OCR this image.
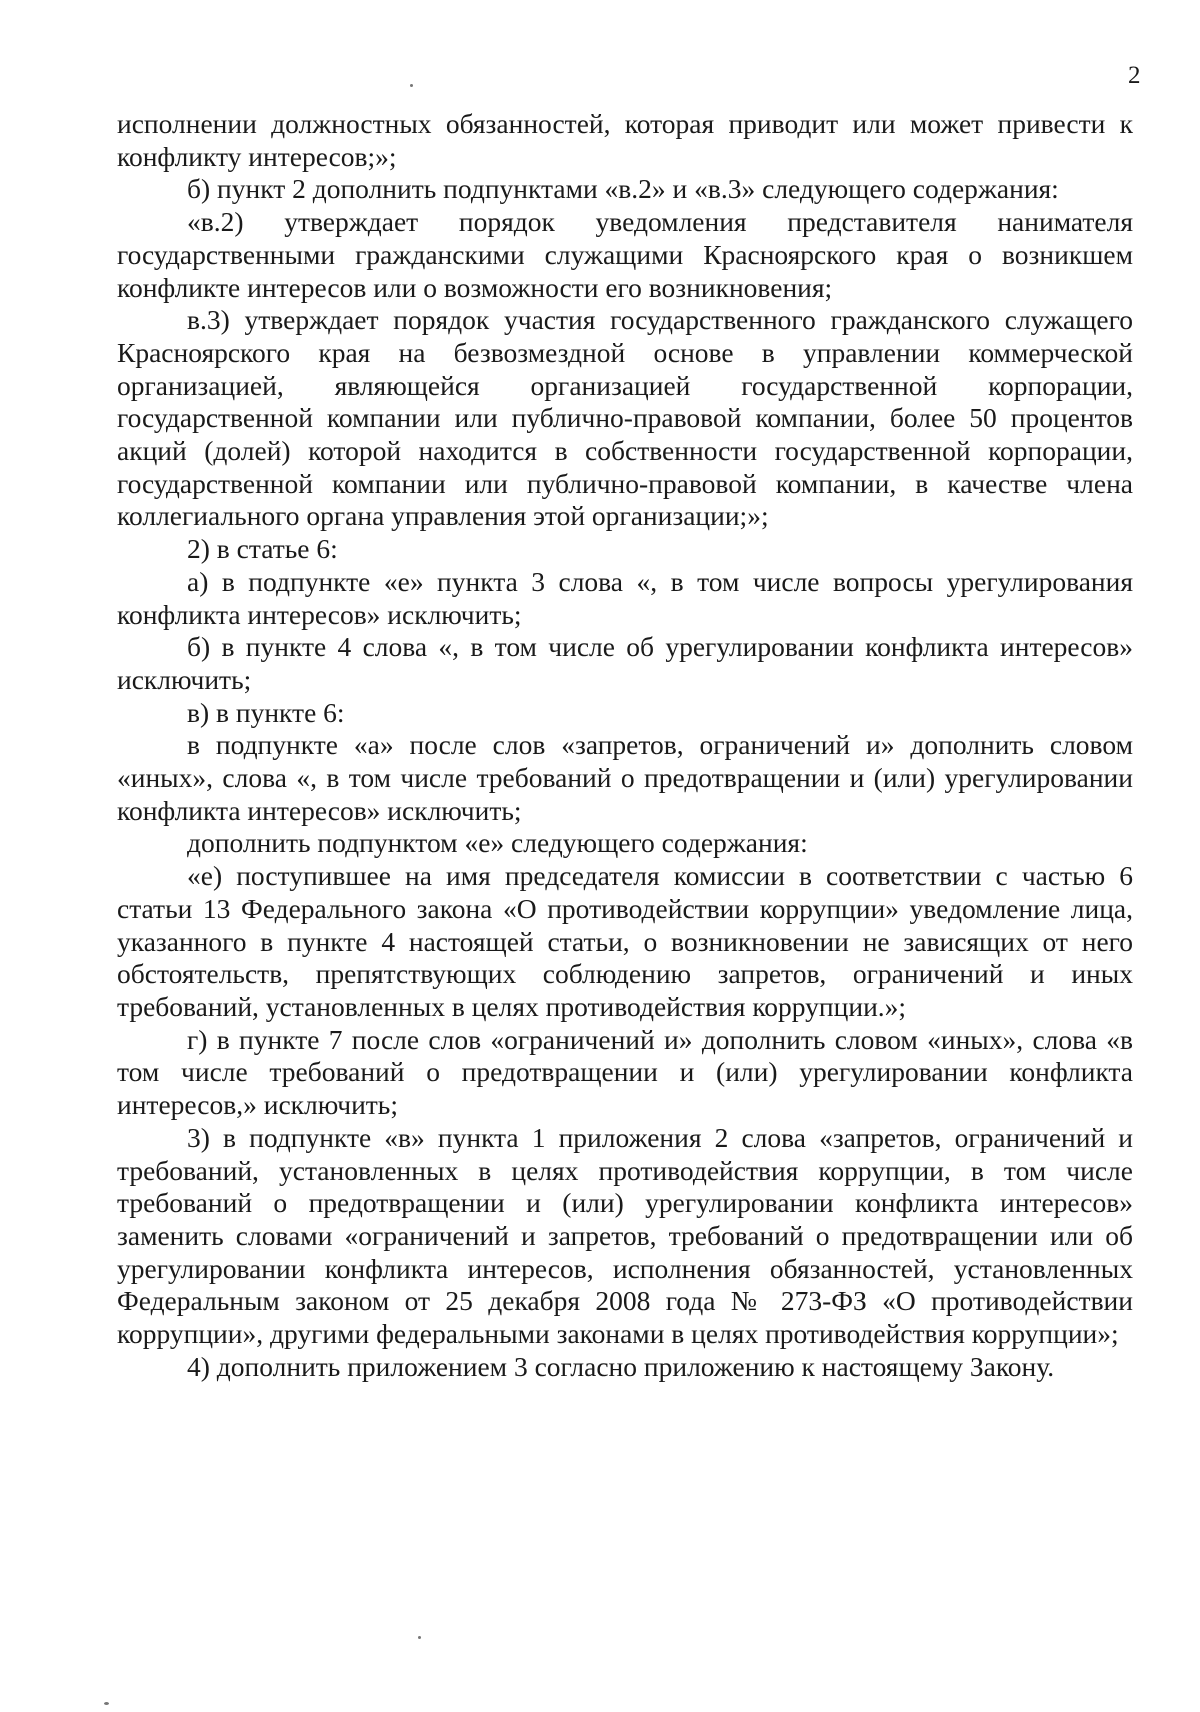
2

исполнении должностных обязанностей, которая приводит или может привести к конфликту интересов;»;

б) пункт 2 дополнить подпунктами «в.2» и «в.3» следующего содержания:

«в.2) утверждает порядок уведомления представителя нанимателя государственными гражданскими служащими Красноярского края о возникшем конфликте интересов или о возможности его возникновения;

в.3) утверждает порядок участия государственного гражданского служащего Красноярского края на безвозмездной основе в управлении коммерческой организацией, являющейся организацией государственной корпорации, государственной компании или публично-правовой компании, более 50 процентов акций (долей) которой находится в собственности государственной корпорации, государственной компании или публично-правовой компании, в качестве члена коллегиального органа управления этой организации;»;

2) в статье 6:

а) в подпункте «е» пункта 3 слова «, в том числе вопросы урегулирования конфликта интересов» исключить;

б) в пункте 4 слова «, в том числе об урегулировании конфликта интересов» исключить;

в) в пункте 6:

в подпункте «а» после слов «запретов, ограничений и» дополнить словом «иных», слова «, в том числе требований о предотвращении и (или) урегулировании конфликта интересов» исключить;

дополнить подпунктом «е» следующего содержания:

«е) поступившее на имя председателя комиссии в соответствии с частью 6 статьи 13 Федерального закона «О противодействии коррупции» уведомление лица, указанного в пункте 4 настоящей статьи, о возникновении не зависящих от него обстоятельств, препятствующих соблюдению запретов, ограничений и иных требований, установленных в целях противодействия коррупции.»;

г) в пункте 7 после слов «ограничений и» дополнить словом «иных», слова «в том числе требований о предотвращении и (или) урегулировании конфликта интересов,» исключить;

3) в подпункте «в» пункта 1 приложения 2 слова «запретов, ограничений и требований, установленных в целях противодействия коррупции, в том числе требований о предотвращении и (или) урегулировании конфликта интересов» заменить словами «ограничений и запретов, требований о предотвращении или об урегулировании конфликта интересов, исполнения обязанностей, установленных Федеральным законом от 25 декабря 2008 года № 273-ФЗ «О противодействии коррупции», другими федеральными законами в целях противодействия коррупции»;

4) дополнить приложением 3 согласно приложению к настоящему Закону.
